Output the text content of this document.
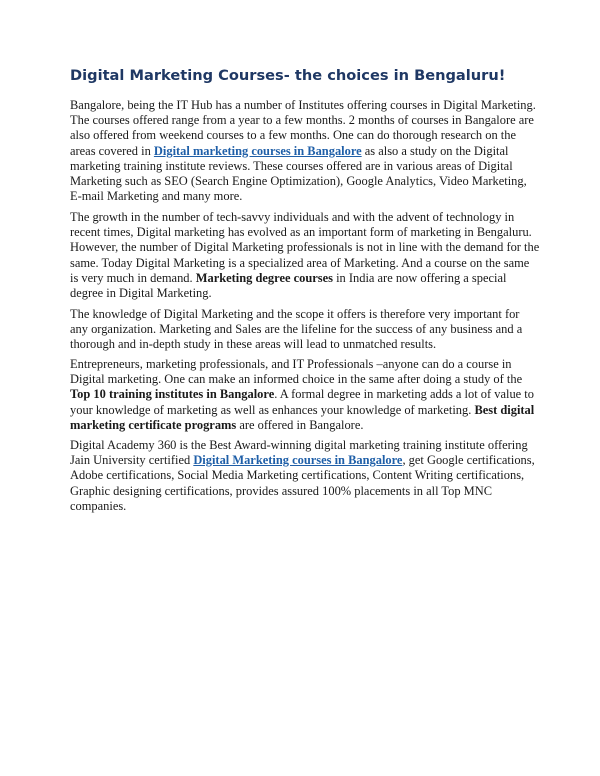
Digital Marketing Courses- the choices in Bengaluru!

Bangalore, being the IT Hub has a number of Institutes offering courses in Digital Marketing. The courses offered range from a year to a few months. 2 months of courses in Bangalore are also offered from weekend courses to a few months. One can do thorough research on the areas covered in Digital marketing courses in Bangalore as also a study on the Digital marketing training institute reviews. These courses offered are in various areas of Digital Marketing such as SEO (Search Engine Optimization), Google Analytics, Video Marketing, E-mail Marketing and many more.

The growth in the number of tech-savvy individuals and with the advent of technology in recent times, Digital marketing has evolved as an important form of marketing in Bengaluru. However, the number of Digital Marketing professionals is not in line with the demand for the same. Today Digital Marketing is a specialized area of Marketing. And a course on the same is very much in demand. Marketing degree courses in India are now offering a special degree in Digital Marketing.

The knowledge of Digital Marketing and the scope it offers is therefore very important for any organization. Marketing and Sales are the lifeline for the success of any business and a thorough and in-depth study in these areas will lead to unmatched results.

Entrepreneurs, marketing professionals, and IT Professionals –anyone can do a course in Digital marketing. One can make an informed choice in the same after doing a study of the Top 10 training institutes in Bangalore. A formal degree in marketing adds a lot of value to your knowledge of marketing as well as enhances your knowledge of marketing. Best digital marketing certificate programs are offered in Bangalore.

Digital Academy 360 is the Best Award-winning digital marketing training institute offering Jain University certified Digital Marketing courses in Bangalore, get Google certifications, Adobe certifications, Social Media Marketing certifications, Content Writing certifications, Graphic designing certifications, provides assured 100% placements in all Top MNC companies.
